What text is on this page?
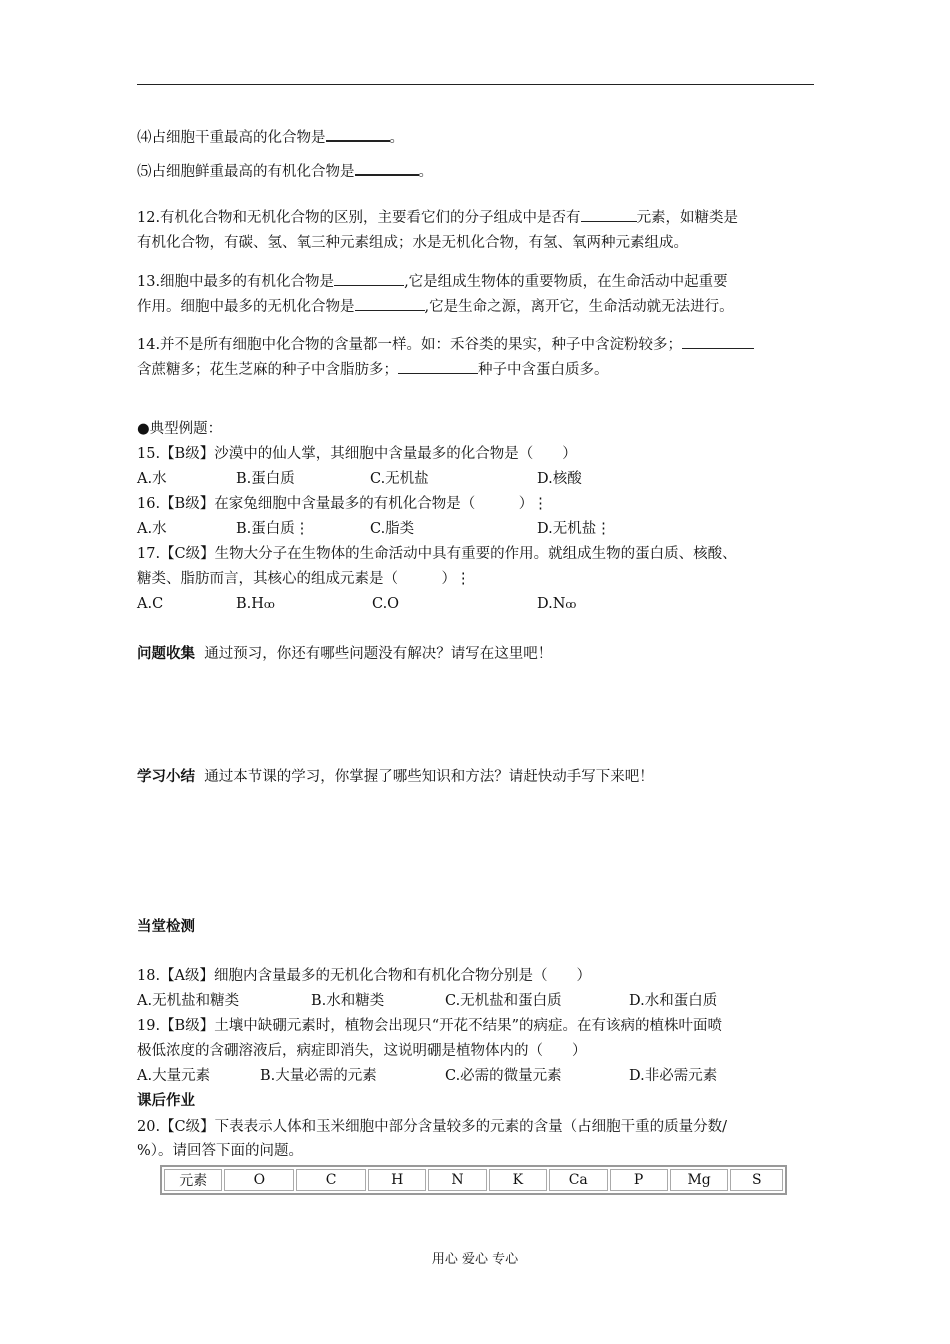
⑷占细胞干重最高的化合物是	。
⑸占细胞鲜重最高的有机化合物是	。
12.有机化合物和无机化合物的区别，主要看它们的分子组成中是否有	元素，如糖类是
有机化合物，有碳、氢、氧三种元素组成；水是无机化合物，有氢、氧两种元素组成。
13.细胞中最多的有机化合物是	,它是组成生物体的重要物质，在生命活动中起重要
作用。细胞中最多的无机化合物是	,它是生命之源，离开它，生命活动就无法进行。
14.并不是所有细胞中化合物的含量都一样。如：禾谷类的果实，种子中含淀粉较多；
含蔗糖多；花生芝麻的种子中含脂肪多；	种子中含蛋白质多。
●典型例题：
15.【B级】沙漠中的仙人掌，其细胞中含量最多的化合物是（　　）
A.水	B.蛋白质	C.无机盐	D.核酸
16.【B级】在家兔细胞中含量最多的有机化合物是（　　　）⋮
A.水	B.蛋白质⋮	C.脂类	D.无机盐⋮
17.【C级】生物大分子在生物体的生命活动中具有重要的作用。就组成生物的蛋白质、核酸、
糖类、脂肪而言，其核心的组成元素是（　　　）⋮
A.C	B.Hꚙ	C.O	D.Nꚙ
问题收集 通过预习，你还有哪些问题没有解决？请写在这里吧！
学习小结 通过本节课的学习，你掌握了哪些知识和方法？请赶快动手写下来吧！
当堂检测
18.【A级】细胞内含量最多的无机化合物和有机化合物分别是（　　）
A.无机盐和糖类	B.水和糖类	C.无机盐和蛋白质	D.水和蛋白质
19.【B级】土壤中缺硼元素时，植物会出现只“开花不结果”的病症。在有该病的植株叶面喷
极低浓度的含硼溶液后，病症即消失，这说明硼是植物体内的（　　）
A.大量元素	B.大量必需的元素	C.必需的微量元素	D.非必需元素
课后作业
20.【C级】下表表示人体和玉米细胞中部分含量较多的元素的含量（占细胞干重的质量分数/
%）。请回答下面的问题。
元素	O	C	H	N	K	Ca	P	Mg	S
用心 爱心 专心
